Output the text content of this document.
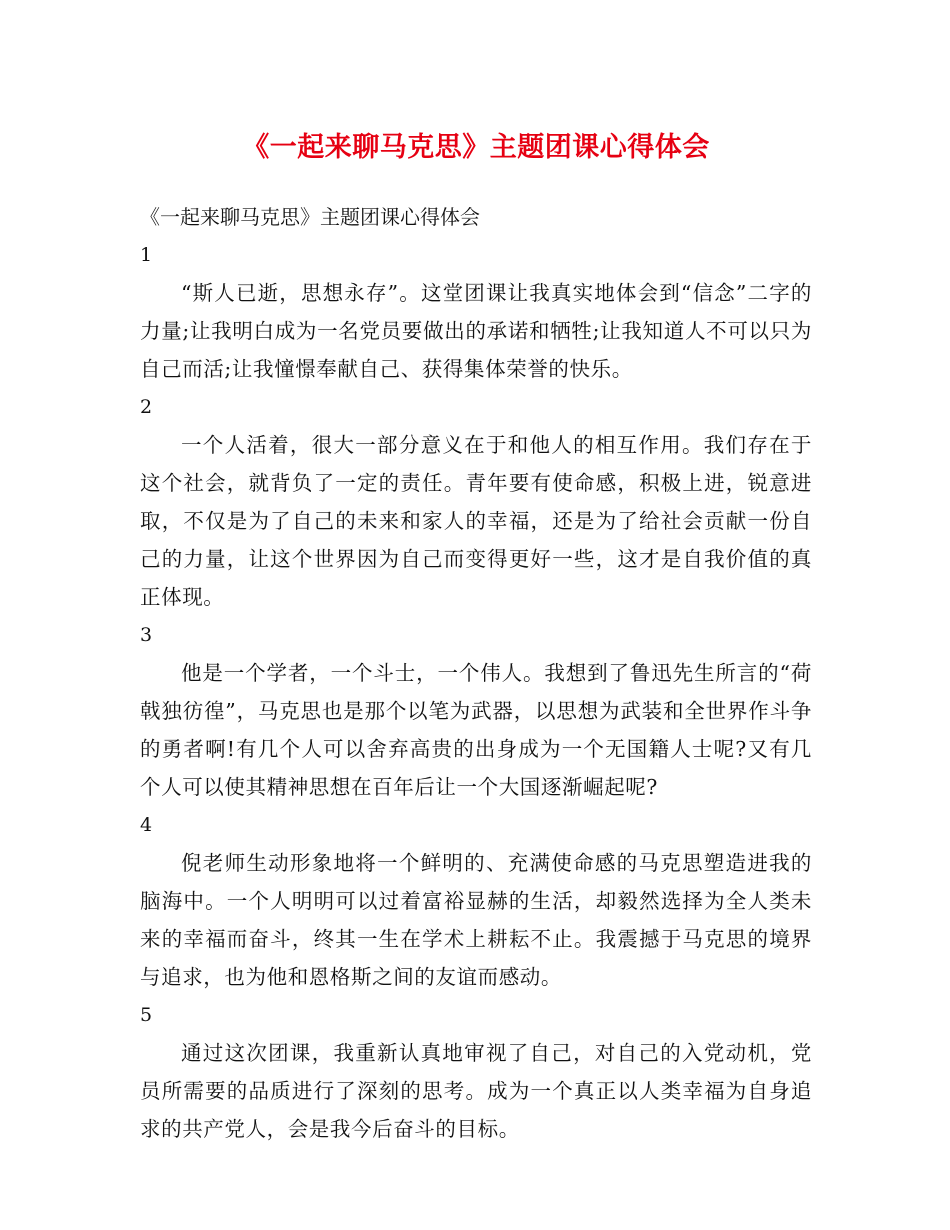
《一起来聊马克思》主题团课心得体会

《一起来聊马克思》主题团课心得体会

1

“斯人已逝，思想永存”。这堂团课让我真实地体会到“信念”二字的力量;让我明白成为一名党员要做出的承诺和牺牲;让我知道人不可以只为自己而活;让我憧憬奉献自己、获得集体荣誉的快乐。

2

一个人活着，很大一部分意义在于和他人的相互作用。我们存在于这个社会，就背负了一定的责任。青年要有使命感，积极上进，锐意进取，不仅是为了自己的未来和家人的幸福，还是为了给社会贡献一份自己的力量，让这个世界因为自己而变得更好一些，这才是自我价值的真正体现。

3

他是一个学者，一个斗士，一个伟人。我想到了鲁迅先生所言的“荷戟独彷徨”，马克思也是那个以笔为武器，以思想为武装和全世界作斗争的勇者啊!有几个人可以舍弃高贵的出身成为一个无国籍人士呢?又有几个人可以使其精神思想在百年后让一个大国逐渐崛起呢?

4

倪老师生动形象地将一个鲜明的、充满使命感的马克思塑造进我的脑海中。一个人明明可以过着富裕显赫的生活，却毅然选择为全人类未来的幸福而奋斗，终其一生在学术上耕耘不止。我震撼于马克思的境界与追求，也为他和恩格斯之间的友谊而感动。

5

通过这次团课，我重新认真地审视了自己，对自己的入党动机，党员所需要的品质进行了深刻的思考。成为一个真正以人类幸福为自身追求的共产党人，会是我今后奋斗的目标。
